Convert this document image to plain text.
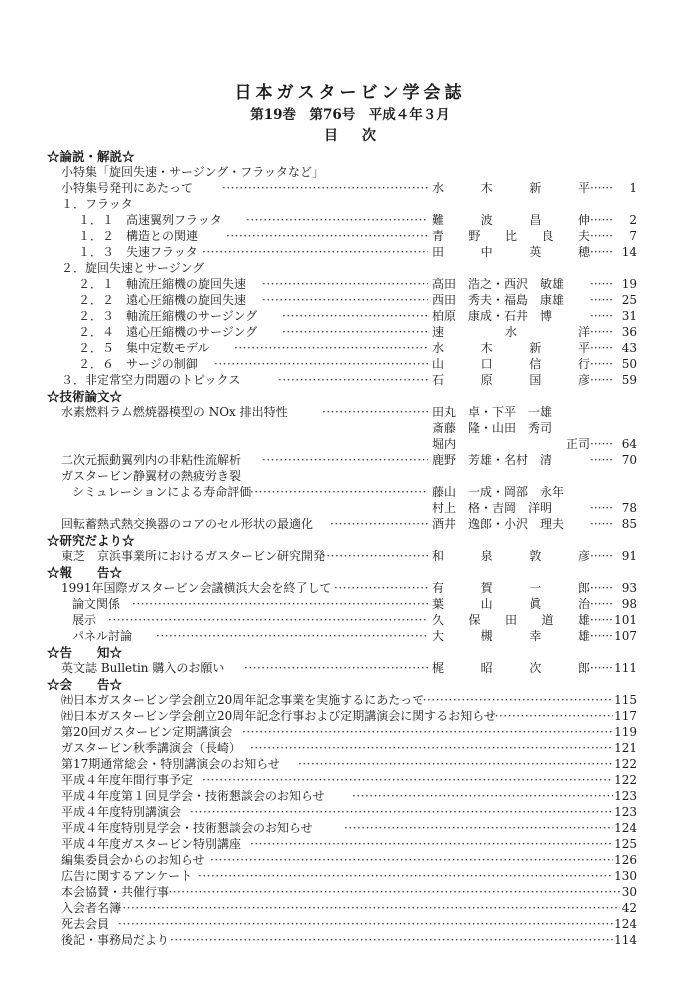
日本ガスタービン学会誌
第19巻　第76号　平成４年３月
目次
☆論説・解説☆
小特集「旋回失速・サージング・フラッタなど」
小特集号発刊にあたって ·····	水	木	新	平 ·····	1
１．フラッタ
１．１　高速翼列フラッタ ·····	難	波	昌	伸 ·····	2
１．２　構造との関連 ·····	青 野 比 良 夫 ·····	7
１．３　失速フラッタ ·····	田	中	英	穂 ·····	14
２．旋回失速とサージング
２．１　軸流圧縮機の旋回失速 ·····	高田　浩之・西沢　敏雄 ·····	19
２．２　遠心圧縮機の旋回失速 ·····	西田　秀夫・福島　康雄 ·····	25
２．３　軸流圧縮機のサージング ·····	柏原　康成・石井　博 ·····	31
２．４　遠心圧縮機のサージング ·····	速	水	洋 ·····	36
２．５　集中定数モデル ·····	水	木	新	平 ·····	43
２．６　サージの制御 ·····	山	口	信	行 ·····	50
３．非定常空力問題のトピックス ·····	石	原	国	彦 ·····	59
☆技術論文☆
水素燃料ラム燃焼器模型の NOx 排出特性 ·····	田丸　卓・下平　一雄
斎藤　隆・山田　秀司
堀内	正司 ·····	64
二次元振動翼列内の非粘性流解析 ·····	鹿野　芳雄・名村　清 ·····	70
ガスタービン静翼材の熱疲労き裂
シミュレーションによる寿命評価 ·····	藤山　一成・岡部　永年
村上　格・吉岡　洋明 ·····	78
回転蓄熱式熱交換器のコアのセル形状の最適化 ·····	酒井　逸郎・小沢　理夫 ·····	85
☆研究だより☆
東芝　京浜事業所におけるガスタービン研究開発 ·····	和	泉	敦	彦 ·····	91
☆報　　告☆
1991年国際ガスタービン会議横浜大会を終了して ·····	有	賀	一	郎 ·····	93
論文関係 ·····	葉	山	眞	治 ·····	98
展示 ·····	久 保 田 道 雄 ·····	101
パネル討論 ·····	大	槻	幸	雄 ·····	107
☆告　　知☆
英文誌 Bulletin 購入のお願い ·····	梶	昭	次	郎 ·····	111
☆会　　告☆
㈳日本ガスタービン学会創立20周年記念事業を実施するにあたって ·····	115
㈳日本ガスタービン学会創立20周年記念行事および定期講演会に関するお知らせ ·····	117
第20回ガスタービン定期講演会 ·····	119
ガスタービン秋季講演会（長崎） ·····	121
第17期通常総会・特別講演会のお知らせ ·····	122
平成４年度年間行事予定 ·····	122
平成４年度第１回見学会・技術懇談会のお知らせ ·····	123
平成４年度特別講演会 ·····	123
平成４年度特別見学会・技術懇談会のお知らせ ·····	124
平成４年度ガスタービン特別講座 ·····	125
編集委員会からのお知らせ ·····	126
広告に関するアンケート ·····	130
本会協賛・共催行事 ·····	30
入会者名簿 ·····	42
死去会員 ·····	124
後記・事務局だより ·····	114
